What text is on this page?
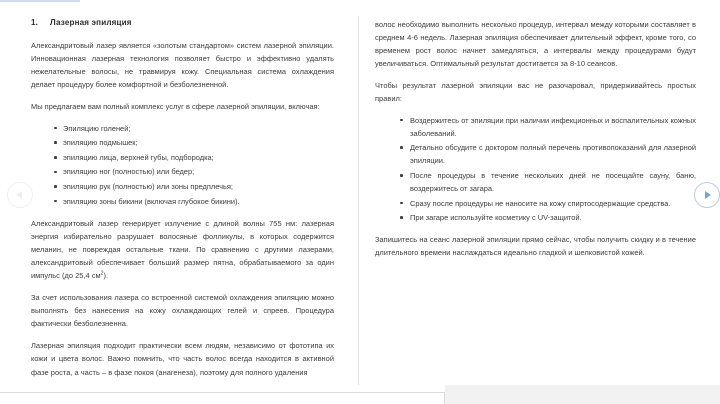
1. Лазерная эпиляция

Александритовый лазер является «золотым стандартом» систем лазерной эпиляции. Инновационная лазерная технология позволяет быстро и эффективно удалять нежелательные волосы, не травмируя кожу. Специальная система охлаждения делает процедуру более комфортной и безболезненной.

Мы предлагаем вам полный комплекс услуг в сфере лазерной эпиляции, включая:

Эпиляцию голеней;
эпиляцию подмышек;
эпиляцию лица, верхней губы, подбородка;
эпиляцию ног (полностью) или бедер;
эпиляцию рук (полностью) или зоны предплечья;
эпиляцию зоны бикини (включая глубокое бикини).

Александритовый лазер генерирует излучение с длиной волны 755 нм: лазерная энергия избирательно разрушает волосяные фолликулы, в которых содержится меланин, не повреждая остальные ткани. По сравнению с другими лазерами, александритовый обеспечивает больший размер пятна, обрабатываемого за один импульс (до 25,4 $см^2$).

За счет использования лазера со встроенной системой охлаждения эпиляцию можно выполнять без нанесения на кожу охлаждающих гелей и спреев. Процедура фактически безболезненна.

Лазерная эпиляция подходит практически всем людям, независимо от фототипа их кожи и цвета волос. Важно помнить, что часть волос всегда находится в активной фазе роста, а часть – в фазе покоя (анагенеза), поэтому для полного удаления

волос необходимо выполнить несколько процедур, интервал между которыми составляет в среднем 4-6 недель. Лазерная эпиляция обеспечивает длительный эффект, кроме того, со временем рост волос начнет замедляться, а интервалы между процедурами будут увеличиваться. Оптимальный результат достигается за 8-10 сеансов.

Чтобы результат лазерной эпиляции вас не разочаровал, придерживайтесь простых правил:

Воздержитесь от эпиляции при наличии инфекционных и воспалительных кожных заболеваний.
Детально обсудите с доктором полный перечень противопоказаний для лазерной эпиляции.
После процедуры в течение нескольких дней не посещайте сауну, баню, воздержитесь от загара.
Сразу после процедуры не наносите на кожу спиртосодержащие средства.
При загаре используйте косметику с UV-защитой.

Запишитесь на сеанс лазерной эпиляции прямо сейчас, чтобы получить скидку и в течение длительного времени наслаждаться идеально гладкой и шелковистой кожей.
